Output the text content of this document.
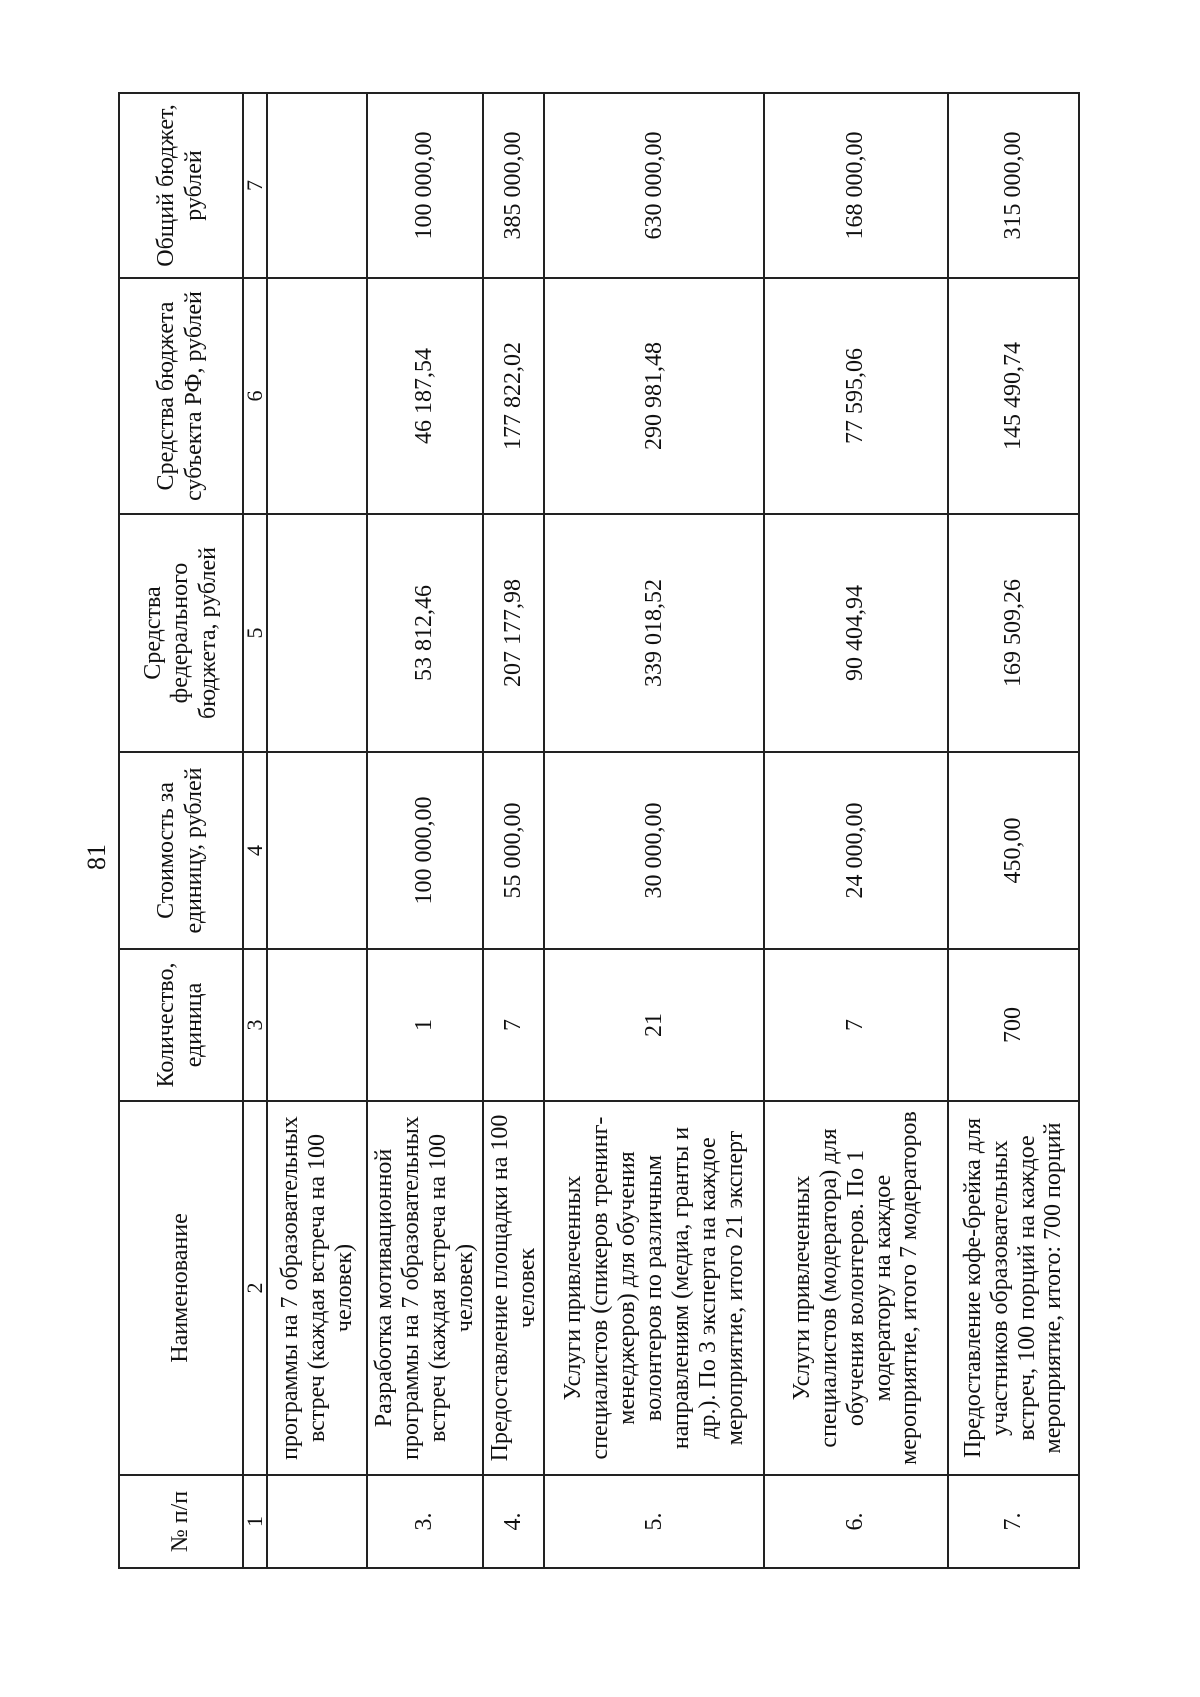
81
№ п/п	Наименование	Количество, единица	Стоимость за единицу, рублей	Средства федерального бюджета, рублей	Средства бюджета субъекта РФ, рублей	Общий бюджет, рублей
1	2	3	4	5	6	7
	программы на 7 образовательных встреч (каждая встреча на 100 человек)					
3.	Разработка мотивационной программы на 7 образовательных встреч (каждая встреча на 100 человек)	1	100 000,00	53 812,46	46 187,54	100 000,00
4.	Предоставление площадки на 100 человек	7	55 000,00	207 177,98	177 822,02	385 000,00
5.	Услуги привлеченных специалистов (спикеров тренинг-менеджеров) для обучения волонтеров по различным направлениям (медиа, гранты и др.). По 3 эксперта на каждое мероприятие, итого 21 эксперт	21	30 000,00	339 018,52	290 981,48	630 000,00
6.	Услуги привлеченных специалистов (модератора) для обучения волонтеров. По 1 модератору на каждое мероприятие, итого 7 модераторов	7	24 000,00	90 404,94	77 595,06	168 000,00
7.	Предоставление кофе-брейка для участников образовательных встреч, 100 порций на каждое мероприятие, итого: 700 порций	700	450,00	169 509,26	145 490,74	315 000,00
